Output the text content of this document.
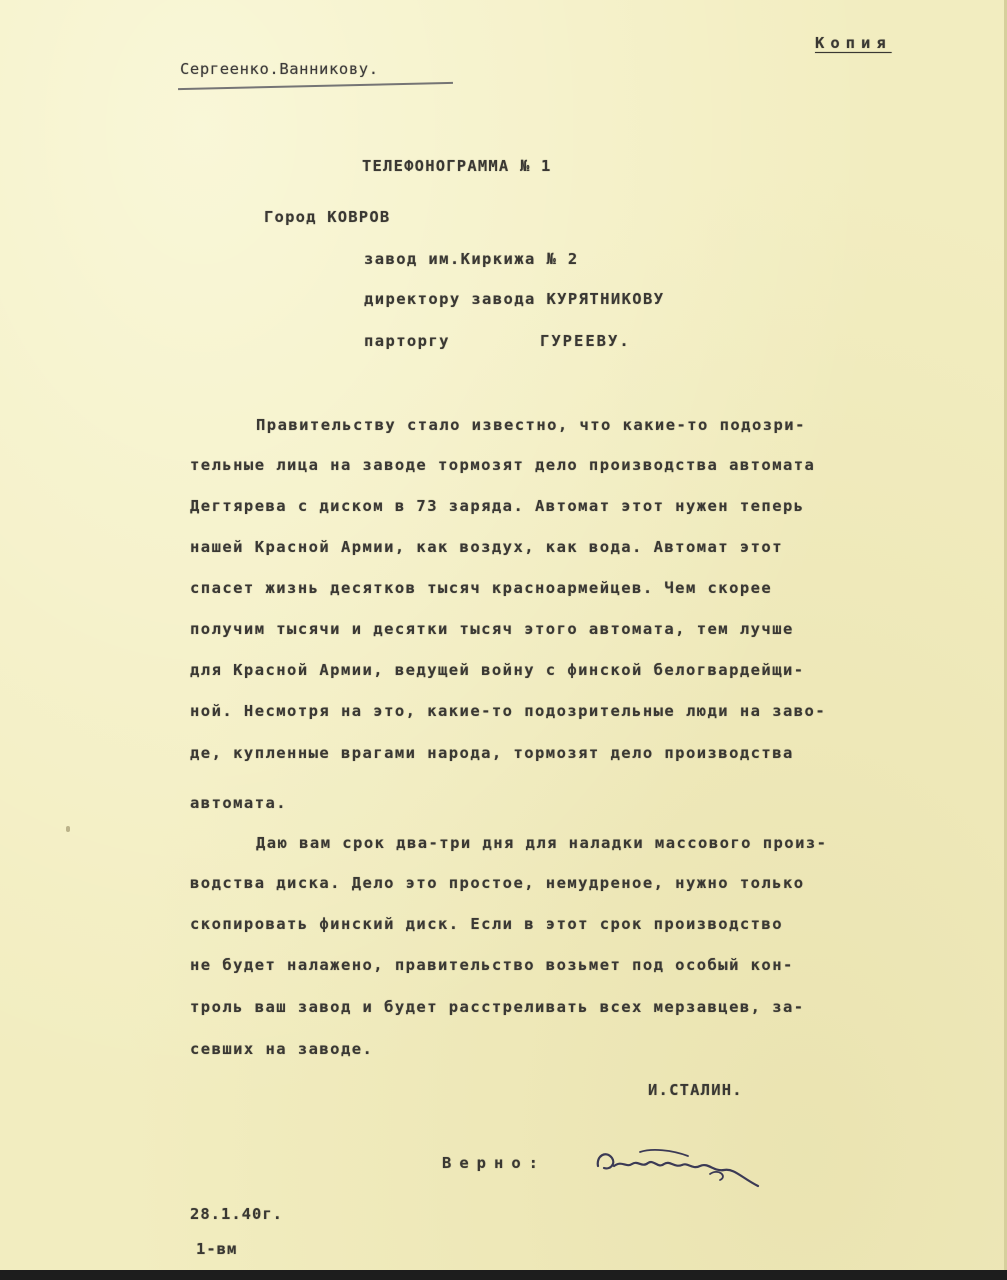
Копия
Сергеенко.Ванникову.
ТЕЛЕФОНОГРАММА № 1
Город КОВРОВ
завод им.Киркижа № 2
директору завода КУРЯТНИКОВУ
парторгу	ГУРЕЕВУ.
Правительству стало известно, что какие-то подозри-
тельные лица на заводе тормозят дело производства автомата
Дегтярева с диском в 73 заряда. Автомат этот нужен теперь
нашей Красной Армии, как воздух, как вода. Автомат этот
спасет жизнь десятков тысяч красноармейцев. Чем скорее
получим тысячи и десятки тысяч этого автомата, тем лучше
для Красной Армии, ведущей войну с финской белогвардейщи-
ной. Несмотря на это, какие-то подозрительные люди на заво-
де, купленные врагами народа, тормозят дело производства
автомата.
Даю вам срок два-три дня для наладки массового произ-
водства диска. Дело это простое, немудреное, нужно только
скопировать финский диск. Если в этот срок производство
не будет налажено, правительство возьмет под особый кон-
троль ваш завод и будет расстреливать всех мерзавцев, за-
севших на заводе.
И.СТАЛИН.
Верно:
28.1.40г.
1-вм
